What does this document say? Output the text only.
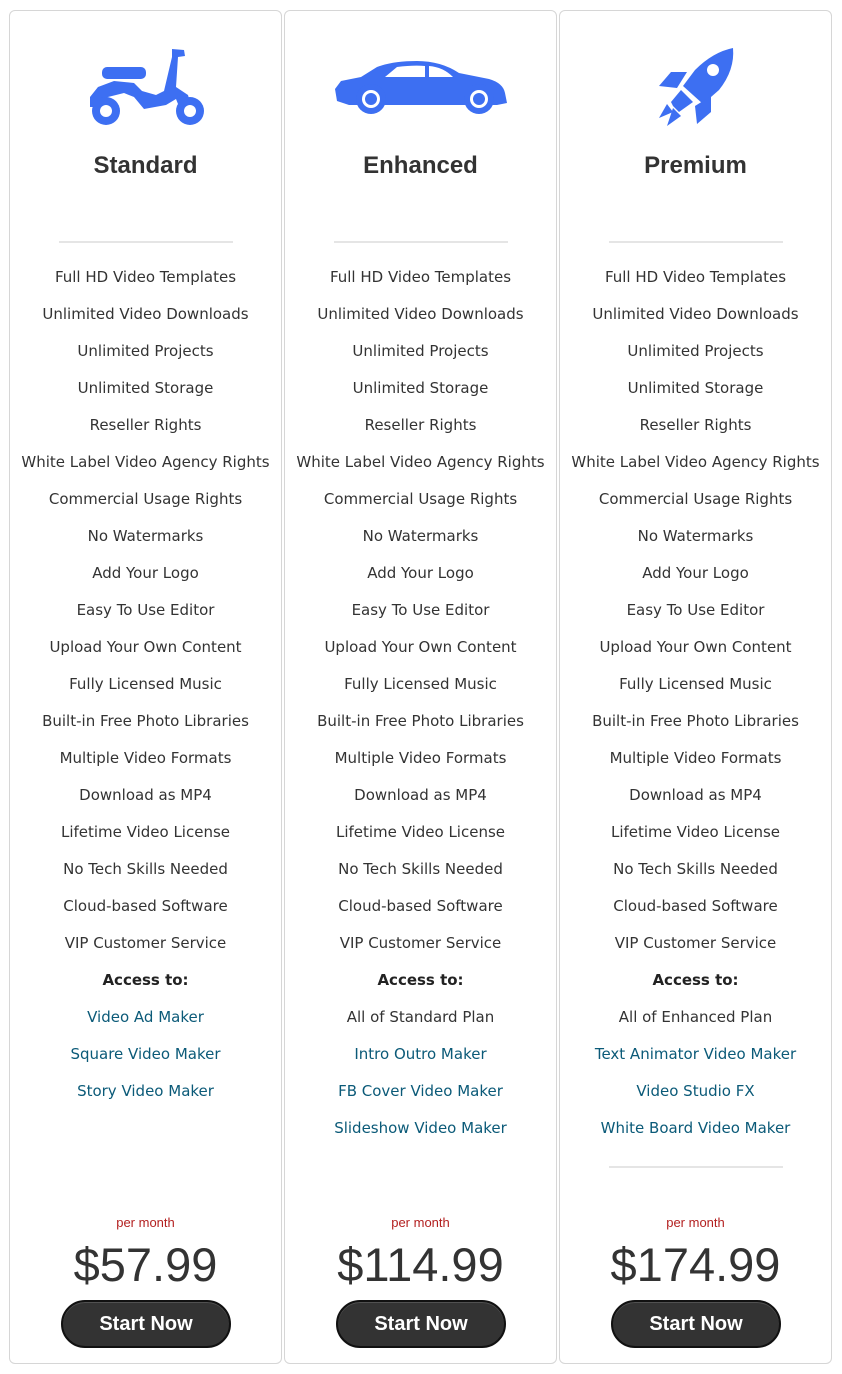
Standard
Full HD Video Templates
Unlimited Video Downloads
Unlimited Projects
Unlimited Storage
Reseller Rights
White Label Video Agency Rights
Commercial Usage Rights
No Watermarks
Add Your Logo
Easy To Use Editor
Upload Your Own Content
Fully Licensed Music
Built-in Free Photo Libraries
Multiple Video Formats
Download as MP4
Lifetime Video License
No Tech Skills Needed
Cloud-based Software
VIP Customer Service
Access to:
Video Ad Maker
Square Video Maker
Story Video Maker
per month
$57.99
Start Now
Enhanced
Full HD Video Templates
Unlimited Video Downloads
Unlimited Projects
Unlimited Storage
Reseller Rights
White Label Video Agency Rights
Commercial Usage Rights
No Watermarks
Add Your Logo
Easy To Use Editor
Upload Your Own Content
Fully Licensed Music
Built-in Free Photo Libraries
Multiple Video Formats
Download as MP4
Lifetime Video License
No Tech Skills Needed
Cloud-based Software
VIP Customer Service
Access to:
All of Standard Plan
Intro Outro Maker
FB Cover Video Maker
Slideshow Video Maker
per month
$114.99
Start Now
Premium
Full HD Video Templates
Unlimited Video Downloads
Unlimited Projects
Unlimited Storage
Reseller Rights
White Label Video Agency Rights
Commercial Usage Rights
No Watermarks
Add Your Logo
Easy To Use Editor
Upload Your Own Content
Fully Licensed Music
Built-in Free Photo Libraries
Multiple Video Formats
Download as MP4
Lifetime Video License
No Tech Skills Needed
Cloud-based Software
VIP Customer Service
Access to:
All of Enhanced Plan
Text Animator Video Maker
Video Studio FX
White Board Video Maker
per month
$174.99
Start Now
